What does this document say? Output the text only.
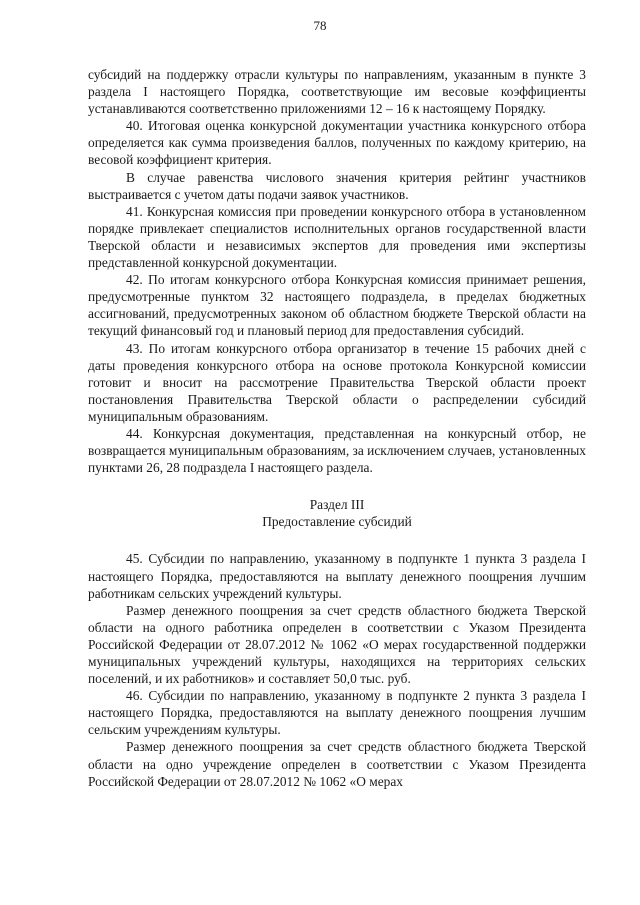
78

субсидий на поддержку отрасли культуры по направлениям, указанным в пункте 3 раздела I настоящего Порядка, соответствующие им весовые коэффициенты устанавливаются соответственно приложениями 12 – 16 к настоящему Порядку.

40. Итоговая оценка конкурсной документации участника конкурсного отбора определяется как сумма произведения баллов, полученных по каждому критерию, на весовой коэффициент критерия.

В случае равенства числового значения критерия рейтинг участников выстраивается с учетом даты подачи заявок участников.

41. Конкурсная комиссия при проведении конкурсного отбора в установленном порядке привлекает специалистов исполнительных органов государственной власти Тверской области и независимых экспертов для проведения ими экспертизы представленной конкурсной документации.

42. По итогам конкурсного отбора Конкурсная комиссия принимает решения, предусмотренные пунктом 32 настоящего подраздела, в пределах бюджетных ассигнований, предусмотренных законом об областном бюджете Тверской области на текущий финансовый год и плановый период для предоставления субсидий.

43. По итогам конкурсного отбора организатор в течение 15 рабочих дней с даты проведения конкурсного отбора на основе протокола Конкурсной комиссии готовит и вносит на рассмотрение Правительства Тверской области проект постановления Правительства Тверской области о распределении субсидий муниципальным образованиям.

44. Конкурсная документация, представленная на конкурсный отбор, не возвращается муниципальным образованиям, за исключением случаев, установленных пунктами 26, 28 подраздела I настоящего раздела.

Раздел III

Предоставление субсидий

45. Субсидии по направлению, указанному в подпункте 1 пункта 3 раздела I настоящего Порядка, предоставляются на выплату денежного поощрения лучшим работникам сельских учреждений культуры.

Размер денежного поощрения за счет средств областного бюджета Тверской области на одного работника определен в соответствии с Указом Президента Российской Федерации от 28.07.2012 № 1062 «О мерах государственной поддержки муниципальных учреждений культуры, находящихся на территориях сельских поселений, и их работников» и составляет 50,0 тыс. руб.

46. Субсидии по направлению, указанному в подпункте 2 пункта 3 раздела I настоящего Порядка, предоставляются на выплату денежного поощрения лучшим сельским учреждениям культуры.

Размер денежного поощрения за счет средств областного бюджета Тверской области на одно учреждение определен в соответствии с Указом Президента Российской Федерации от 28.07.2012 № 1062 «О мерах
